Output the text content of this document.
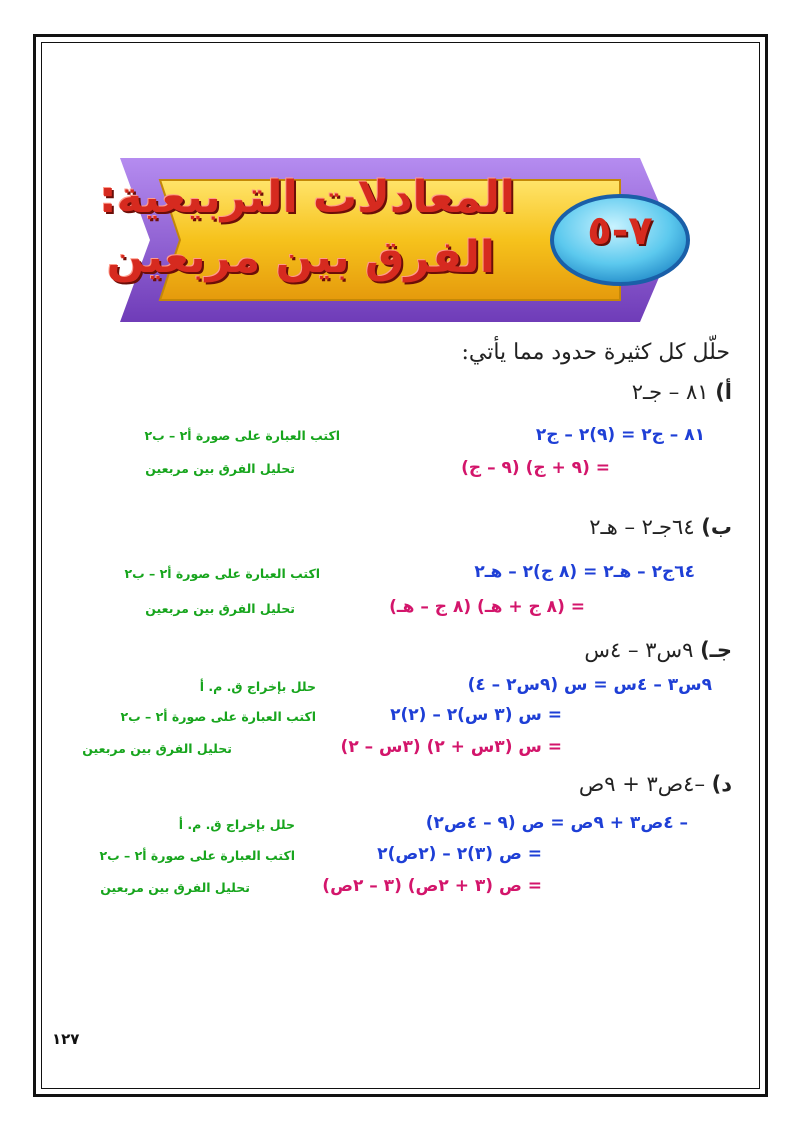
المعادلات التربيعية:
الفرق بين مربعين
٧-٥
حلّل كل كثيرة حدود مما يأتي:
أ) ٨١ – جـ٢
٨١ – ج٢ = (٩)٢ – ج٢
اكتب العبارة على صورة أ٢ – ب٢
= (٩ + ج) (٩ – ج)
تحليل الفرق بين مربعين
ب) ٦٤جـ٢ – هـ٢
٦٤ج٢ – هـ٢ = (٨ ج)٢ – هـ٢
اكتب العبارة على صورة أ٢ – ب٢
= (٨ ج + هـ) (٨ ج – هـ)
تحليل الفرق بين مربعين
جـ) ٩س٣ – ٤س
٩س٣ – ٤س = س (٩س٢ – ٤)
حلل بإخراج ق. م. أ
= س (٣ س)٢ – (٢)٢
اكتب العبارة على صورة أ٢ – ب٢
= س (٣س + ٢) (٣س – ٢)
تحليل الفرق بين مربعين
د) –٤ص٣ + ٩ص
– ٤ص٣ + ٩ص = ص (٩ – ٤ص٢)
حلل بإخراج ق. م. أ
= ص (٣)٢ – (٢ص)٢
اكتب العبارة على صورة أ٢ – ب٢
= ص (٣ + ٢ص) (٣ – ٢ص)
تحليل الفرق بين مربعين
١٢٧
